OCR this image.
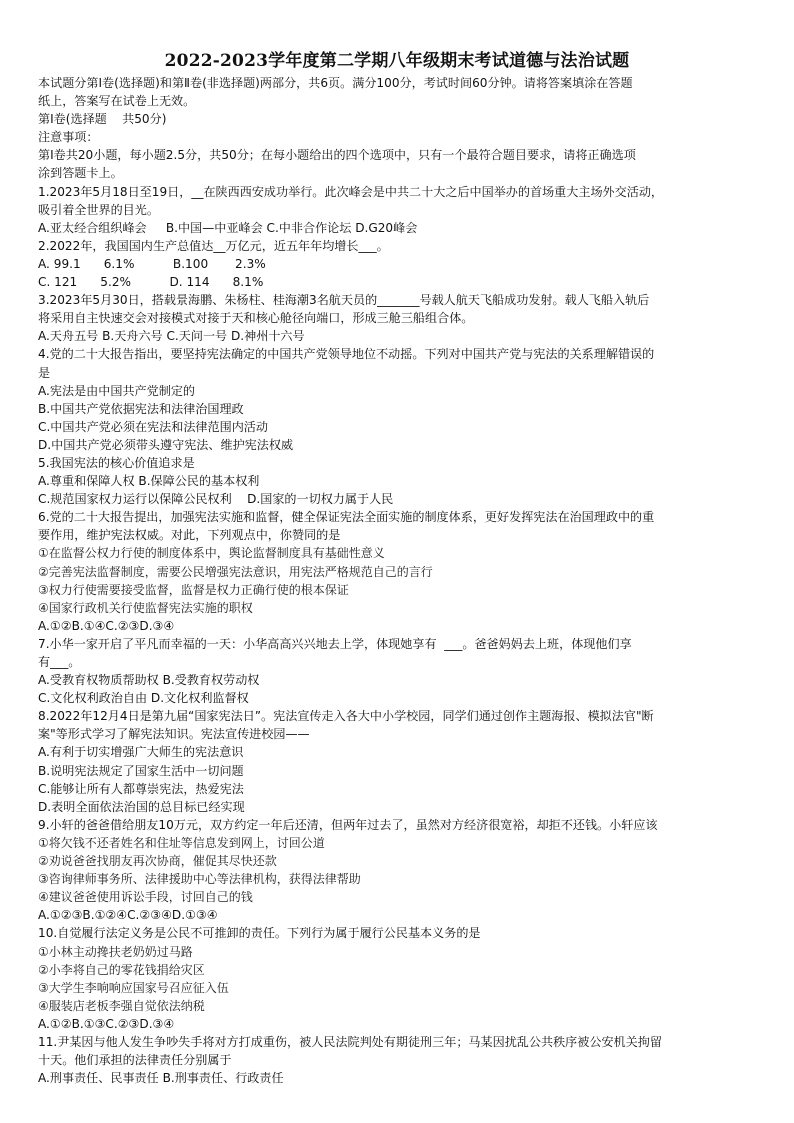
2022-2023学年度第二学期八年级期末考试道德与法治试题
本试题分第Ⅰ卷(选择题)和第Ⅱ卷(非选择题)两部分，共6页。满分100分，考试时间60分钟。请将答案填涂在答题
纸上，答案写在试卷上无效。
第Ⅰ卷(选择题    共50分)
注意事项：
第Ⅰ卷共20小题，每小题2.5分，共50分；在每小题给出的四个选项中，只有一个最符合题目要求，请将正确选项
涂到答题卡上。
1.2023年5月18日至19日，__在陕西西安成功举行。此次峰会是中共二十大之后中国举办的首场重大主场外交活动，
吸引着全世界的目光。
A.亚太经合组织峰会     B.中国—中亚峰会 C.中非合作论坛 D.G20峰会
2.2022年，我国国内生产总值达__万亿元，近五年年均增长___。
A. 99.1      6.1%          B.100       2.3%
C. 121      5.2%          D. 114      8.1%
3.2023年5月30日，搭载景海鹏、朱杨柱、桂海潮3名航天员的_______号载人航天飞船成功发射。载人飞船入轨后
将采用自主快速交会对接模式对接于天和核心舱径向端口，形成三舱三船组合体。
A.天舟五号 B.天舟六号 C.天问一号 D.神州十六号
4.党的二十大报告指出，要坚持宪法确定的中国共产党领导地位不动摇。下列对中国共产党与宪法的关系理解错误的
是
A.宪法是由中国共产党制定的
B.中国共产党依据宪法和法律治国理政
C.中国共产党必须在宪法和法律范围内活动
D.中国共产党必须带头遵守宪法、维护宪法权威
5.我国宪法的核心价值追求是
A.尊重和保障人权 B.保障公民的基本权利
C.规范国家权力运行以保障公民权利    D.国家的一切权力属于人民
6.党的二十大报告提出，加强宪法实施和监督，健全保证宪法全面实施的制度体系，更好发挥宪法在治国理政中的重
要作用，维护宪法权威。对此，下列观点中，你赞同的是
①在监督公权力行使的制度体系中，舆论监督制度具有基础性意义
②完善宪法监督制度，需要公民增强宪法意识，用宪法严格规范自己的言行
③权力行使需要接受监督，监督是权力正确行使的根本保证
④国家行政机关行使监督宪法实施的职权
A.①②B.①④C.②③D.③④
7.小华一家开启了平凡而幸福的一天：小华高高兴兴地去上学，体现她享有  ___。爸爸妈妈去上班，体现他们享
有___。
A.受教育权物质帮助权 B.受教育权劳动权
C.文化权利政治自由 D.文化权利监督权
8.2022年12月4日是第九届“国家宪法日”。宪法宣传走入各大中小学校园，同学们通过创作主题海报、模拟法官"断
案"等形式学习了解宪法知识。宪法宣传进校园——
A.有利于切实增强广大师生的宪法意识
B.说明宪法规定了国家生活中一切问题
C.能够让所有人都尊崇宪法，热爱宪法
D.表明全面依法治国的总目标已经实现
9.小轩的爸爸借给朋友10万元，双方约定一年后还清，但两年过去了，虽然对方经济很宽裕，却拒不还钱。小轩应该
①将欠钱不还者姓名和住址等信息发到网上，讨回公道
②劝说爸爸找朋友再次协商，催促其尽快还款
③咨询律师事务所、法律援助中心等法律机构，获得法律帮助
④建议爸爸使用诉讼手段，讨回自己的钱
A.①②③B.①②④C.②③④D.①③④
10.自觉履行法定义务是公民不可推卸的责任。下列行为属于履行公民基本义务的是
①小林主动搀扶老奶奶过马路
②小李将自己的零花钱捐给灾区
③大学生李响响应国家号召应征入伍
④服装店老板李强自觉依法纳税
A.①②B.①③C.②③D.③④
11.尹某因与他人发生争吵失手将对方打成重伤，被人民法院判处有期徒刑三年；马某因扰乱公共秩序被公安机关拘留
十天。他们承担的法律责任分别属于
A.刑事责任、民事责任 B.刑事责任、行政责任
